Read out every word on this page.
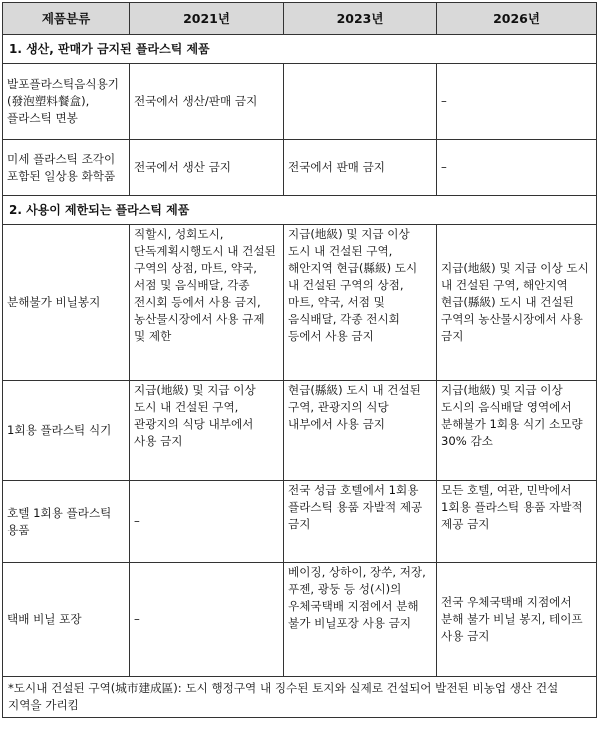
제품분류	2021년	2023년	2026년
1. 생산, 판매가 금지된 플라스틱 제품			
발포플라스틱음식용기(發泡塑料餐盒), 플라스틱 면봉	전국에서 생산/판매 금지		–
미세 플라스틱 조각이 포함된 일상용 화학품	전국에서 생산 금지	전국에서 판매 금지	–
2. 사용이 제한되는 플라스틱 제품			
분해불가 비닐봉지	직할시, 성회도시, 단독계획시행도시 내 건설된 구역의 상점, 마트, 약국, 서점 및 음식배달, 각종 전시회 등에서 사용 금지, 농산물시장에서 사용 규제 및 제한	지급(地級) 및 지급 이상 도시 내 건설된 구역, 해안지역 현급(縣級) 도시 내 건설된 구역의 상점, 마트, 약국, 서점 및 음식배달, 각종 전시회 등에서 사용 금지	지급(地級) 및 지급 이상 도시 내 건설된 구역, 해안지역 현급(縣級) 도시 내 건설된 구역의 농산물시장에서 사용 금지
1회용 플라스틱 식기	지급(地級) 및 지급 이상 도시 내 건설된 구역, 관광지의 식당 내부에서 사용 금지	현급(縣級) 도시 내 건설된 구역, 관광지의 식당 내부에서 사용 금지	지급(地級) 및 지급 이상 도시의 음식배달 영역에서 분해불가 1회용 식기 소모량 30% 감소
호텔 1회용 플라스틱 용품	–	전국 성급 호텔에서 1회용 플라스틱 용품 자발적 제공 금지	모든 호텔, 여관, 민박에서 1회용 플라스틱 용품 자발적 제공 금지
택배 비닐 포장	–	베이징, 상하이, 장쑤, 저장, 푸젠, 광둥 등 성(시)의 우체국택배 지점에서 분해 불가 비닐포장 사용 금지	전국 우체국택배 지점에서 분해 불가 비닐 봉지, 테이프 사용 금지
*도시내 건설된 구역(城市建成區): 도시 행정구역 내 징수된 토지와 실제로 건설되어 발전된 비농업 생산 건설 지역을 가리킴			
